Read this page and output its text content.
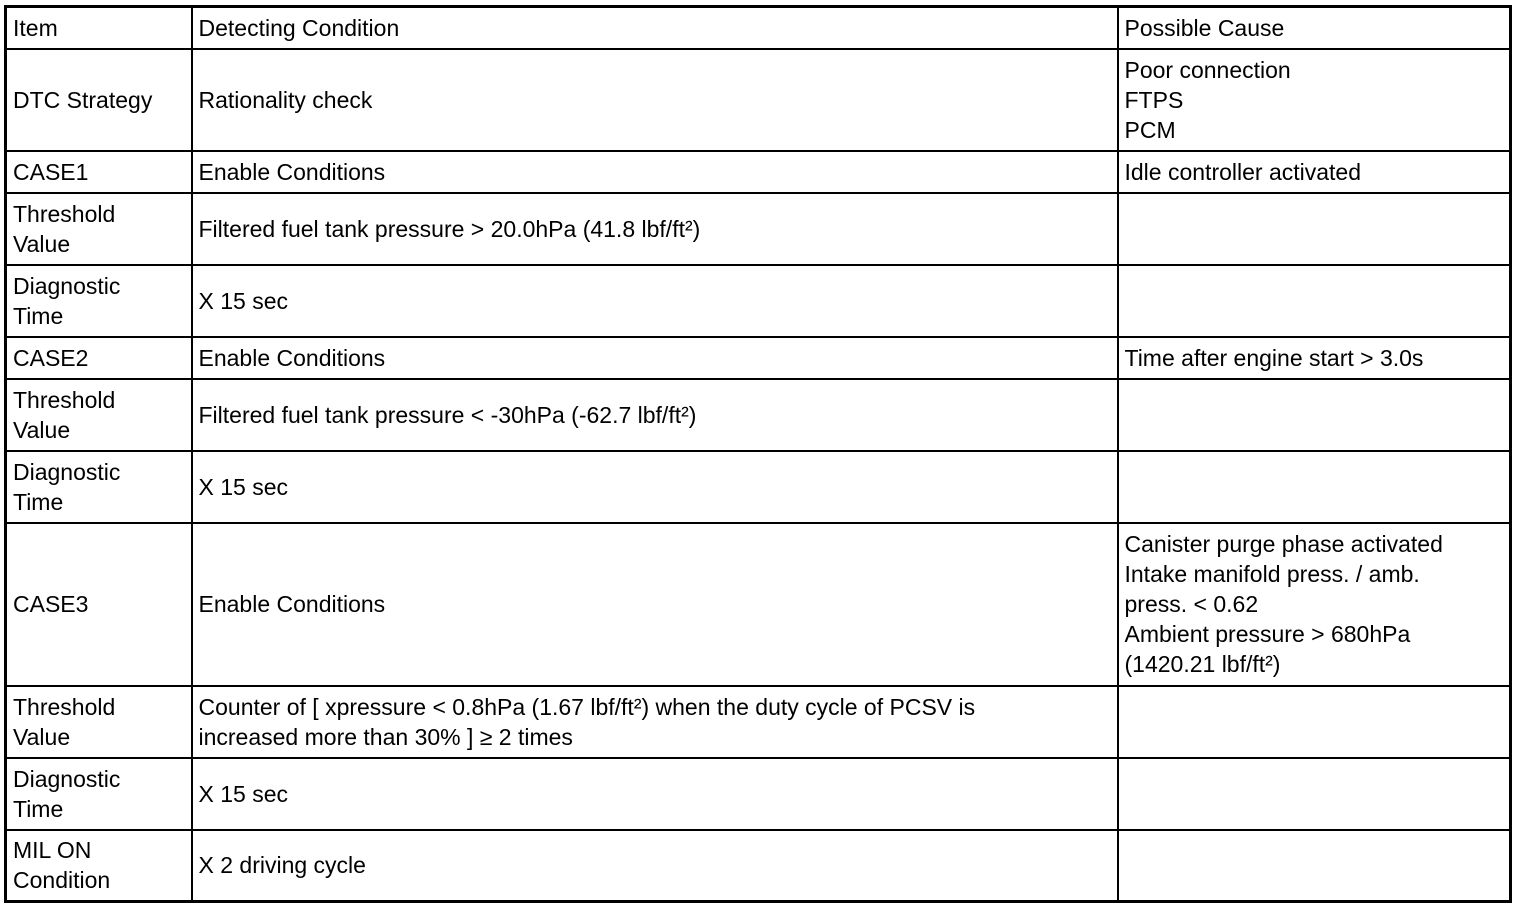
Item	Detecting Condition	Possible Cause

DTC Strategy	Rationality check	Poor connection
FTPS
PCM

CASE1	Enable Conditions	Idle controller activated

Threshold
Value	Filtered fuel tank pressure > 20.0hPa (41.8 lbf/ft²)	

Diagnostic
Time	X 15 sec	

CASE2	Enable Conditions	Time after engine start > 3.0s

Threshold
Value	Filtered fuel tank pressure < -30hPa (-62.7 lbf/ft²)	

Diagnostic
Time	X 15 sec	

CASE3	Enable Conditions	Canister purge phase activated
Intake manifold press. / amb.
press. < 0.62
Ambient pressure > 680hPa
(1420.21 lbf/ft²)

Threshold
Value	Counter of [ xpressure < 0.8hPa (1.67 lbf/ft²) when the duty cycle of PCSV is
increased more than 30% ] ≥ 2 times	

Diagnostic
Time	X 15 sec	

MIL ON
Condition	X 2 driving cycle	
